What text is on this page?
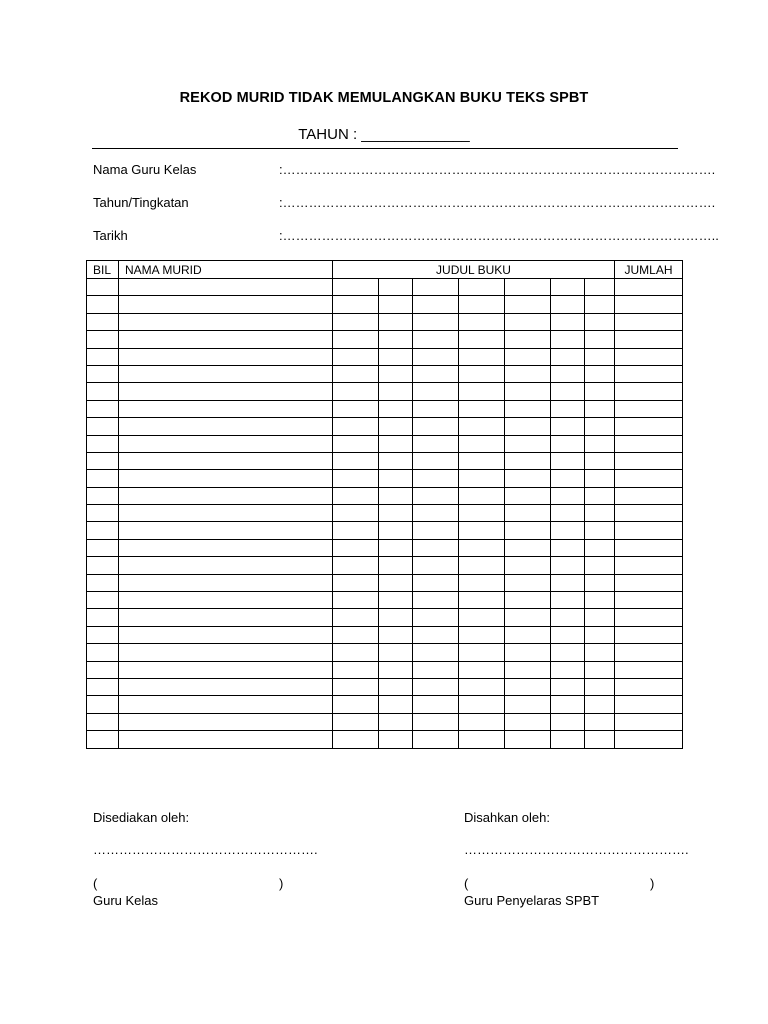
REKOD MURID TIDAK MEMULANGKAN BUKU TEKS SPBT
TAHUN : _____________
Nama Guru Kelas	:……………………………………………………………………………………….
Tahun/Tingkatan	:……………………………………………………………………………………….
Tarikh	:………………………………………………………………………………………..
BIL	NAMA MURID	JUDUL BUKU							JUMLAH

Disediakan oleh:
…………………………………………….
(	)
Guru Kelas
Disahkan oleh:
…………………………………………….
(	)
Guru Penyelaras SPBT
